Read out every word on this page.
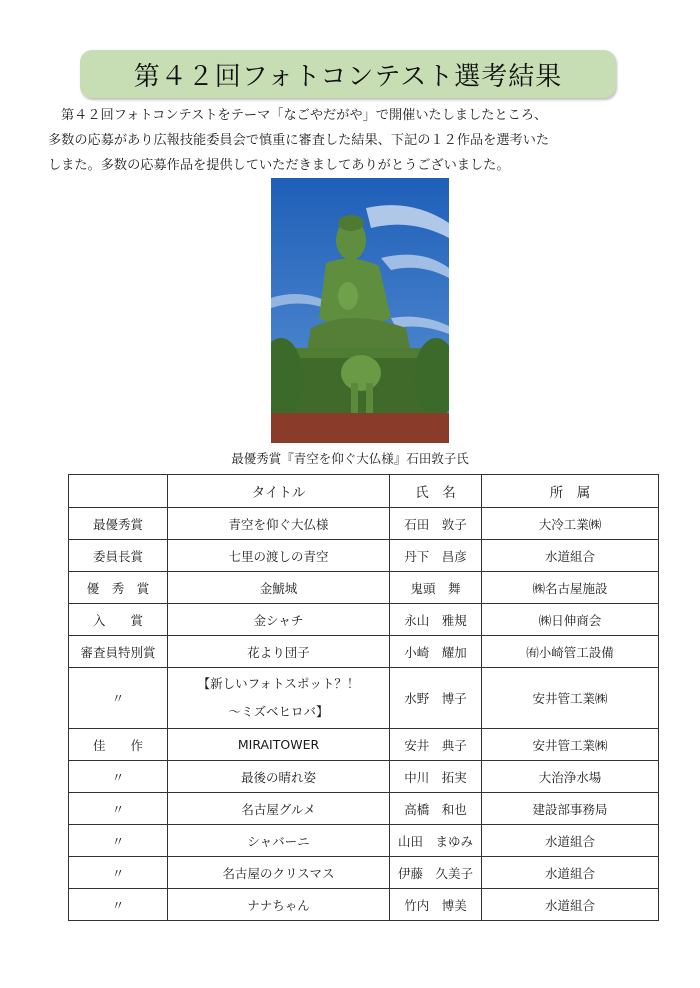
第４２回フォトコンテスト選考結果

第４２回フォトコンテストをテーマ「なごやだがや」で開催いたしましたところ、
多数の応募があり広報技能委員会で慎重に審査した結果、下記の１２作品を選考いた
しまた。多数の応募作品を提供していただきましてありがとうございました。

最優秀賞『青空を仰ぐ大仏様』石田敦子氏

	タイトル	氏　名	所　属
最優秀賞	青空を仰ぐ大仏様	石田　敦子	大冷工業㈱
委員長賞	七里の渡しの青空	丹下　昌彦	水道組合
優　秀　賞	金鯱城	鬼頭　舞	㈱名古屋施設
入　　賞	金シャチ	永山　雅規	㈱日伸商会
審査員特別賞	花より団子	小崎　耀加	㈲小崎管工設備
〃	【新しいフォトスポット？！
～ミズベヒロバ】	水野　博子	安井管工業㈱
佳　　作	MIRAITOWER	安井　典子	安井管工業㈱
〃	最後の晴れ姿	中川　拓実	大治浄水場
〃	名古屋グルメ	高橋　和也	建設部事務局
〃	シャバーニ	山田　まゆみ	水道組合
〃	名古屋のクリスマス	伊藤　久美子	水道組合
〃	ナナちゃん	竹内　博美	水道組合
